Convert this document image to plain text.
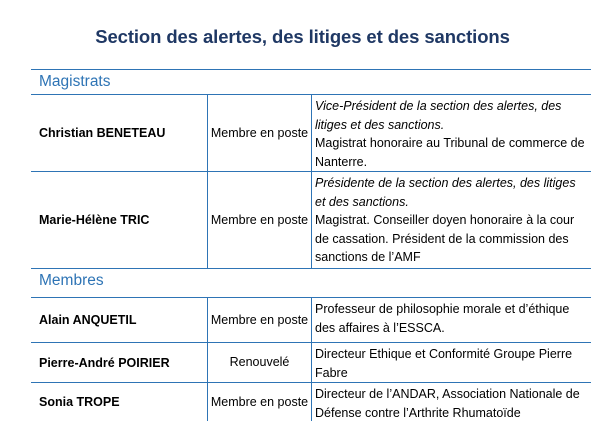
Section des alertes, des litiges et des sanctions
Magistrats
Christian BENETEAU	Membre en poste
Vice-Président de la section des alertes, des litiges et des sanctions.
Magistrat honoraire au Tribunal de commerce de Nanterre.
Marie-Hélène TRIC	Membre en poste
Présidente de la section des alertes, des litiges et des sanctions.
Magistrat. Conseiller doyen honoraire à la cour de cassation. Président de la commission des sanctions de l’AMF
Membres
Alain ANQUETIL	Membre en poste
Professeur de philosophie morale et d’éthique des affaires à l’ESSCA.
Pierre-André POIRIER	Renouvelé
Directeur Ethique et Conformité Groupe Pierre Fabre
Sonia TROPE	Membre en poste
Directeur de l’ANDAR, Association Nationale de Défense contre l’Arthrite Rhumatoïde
